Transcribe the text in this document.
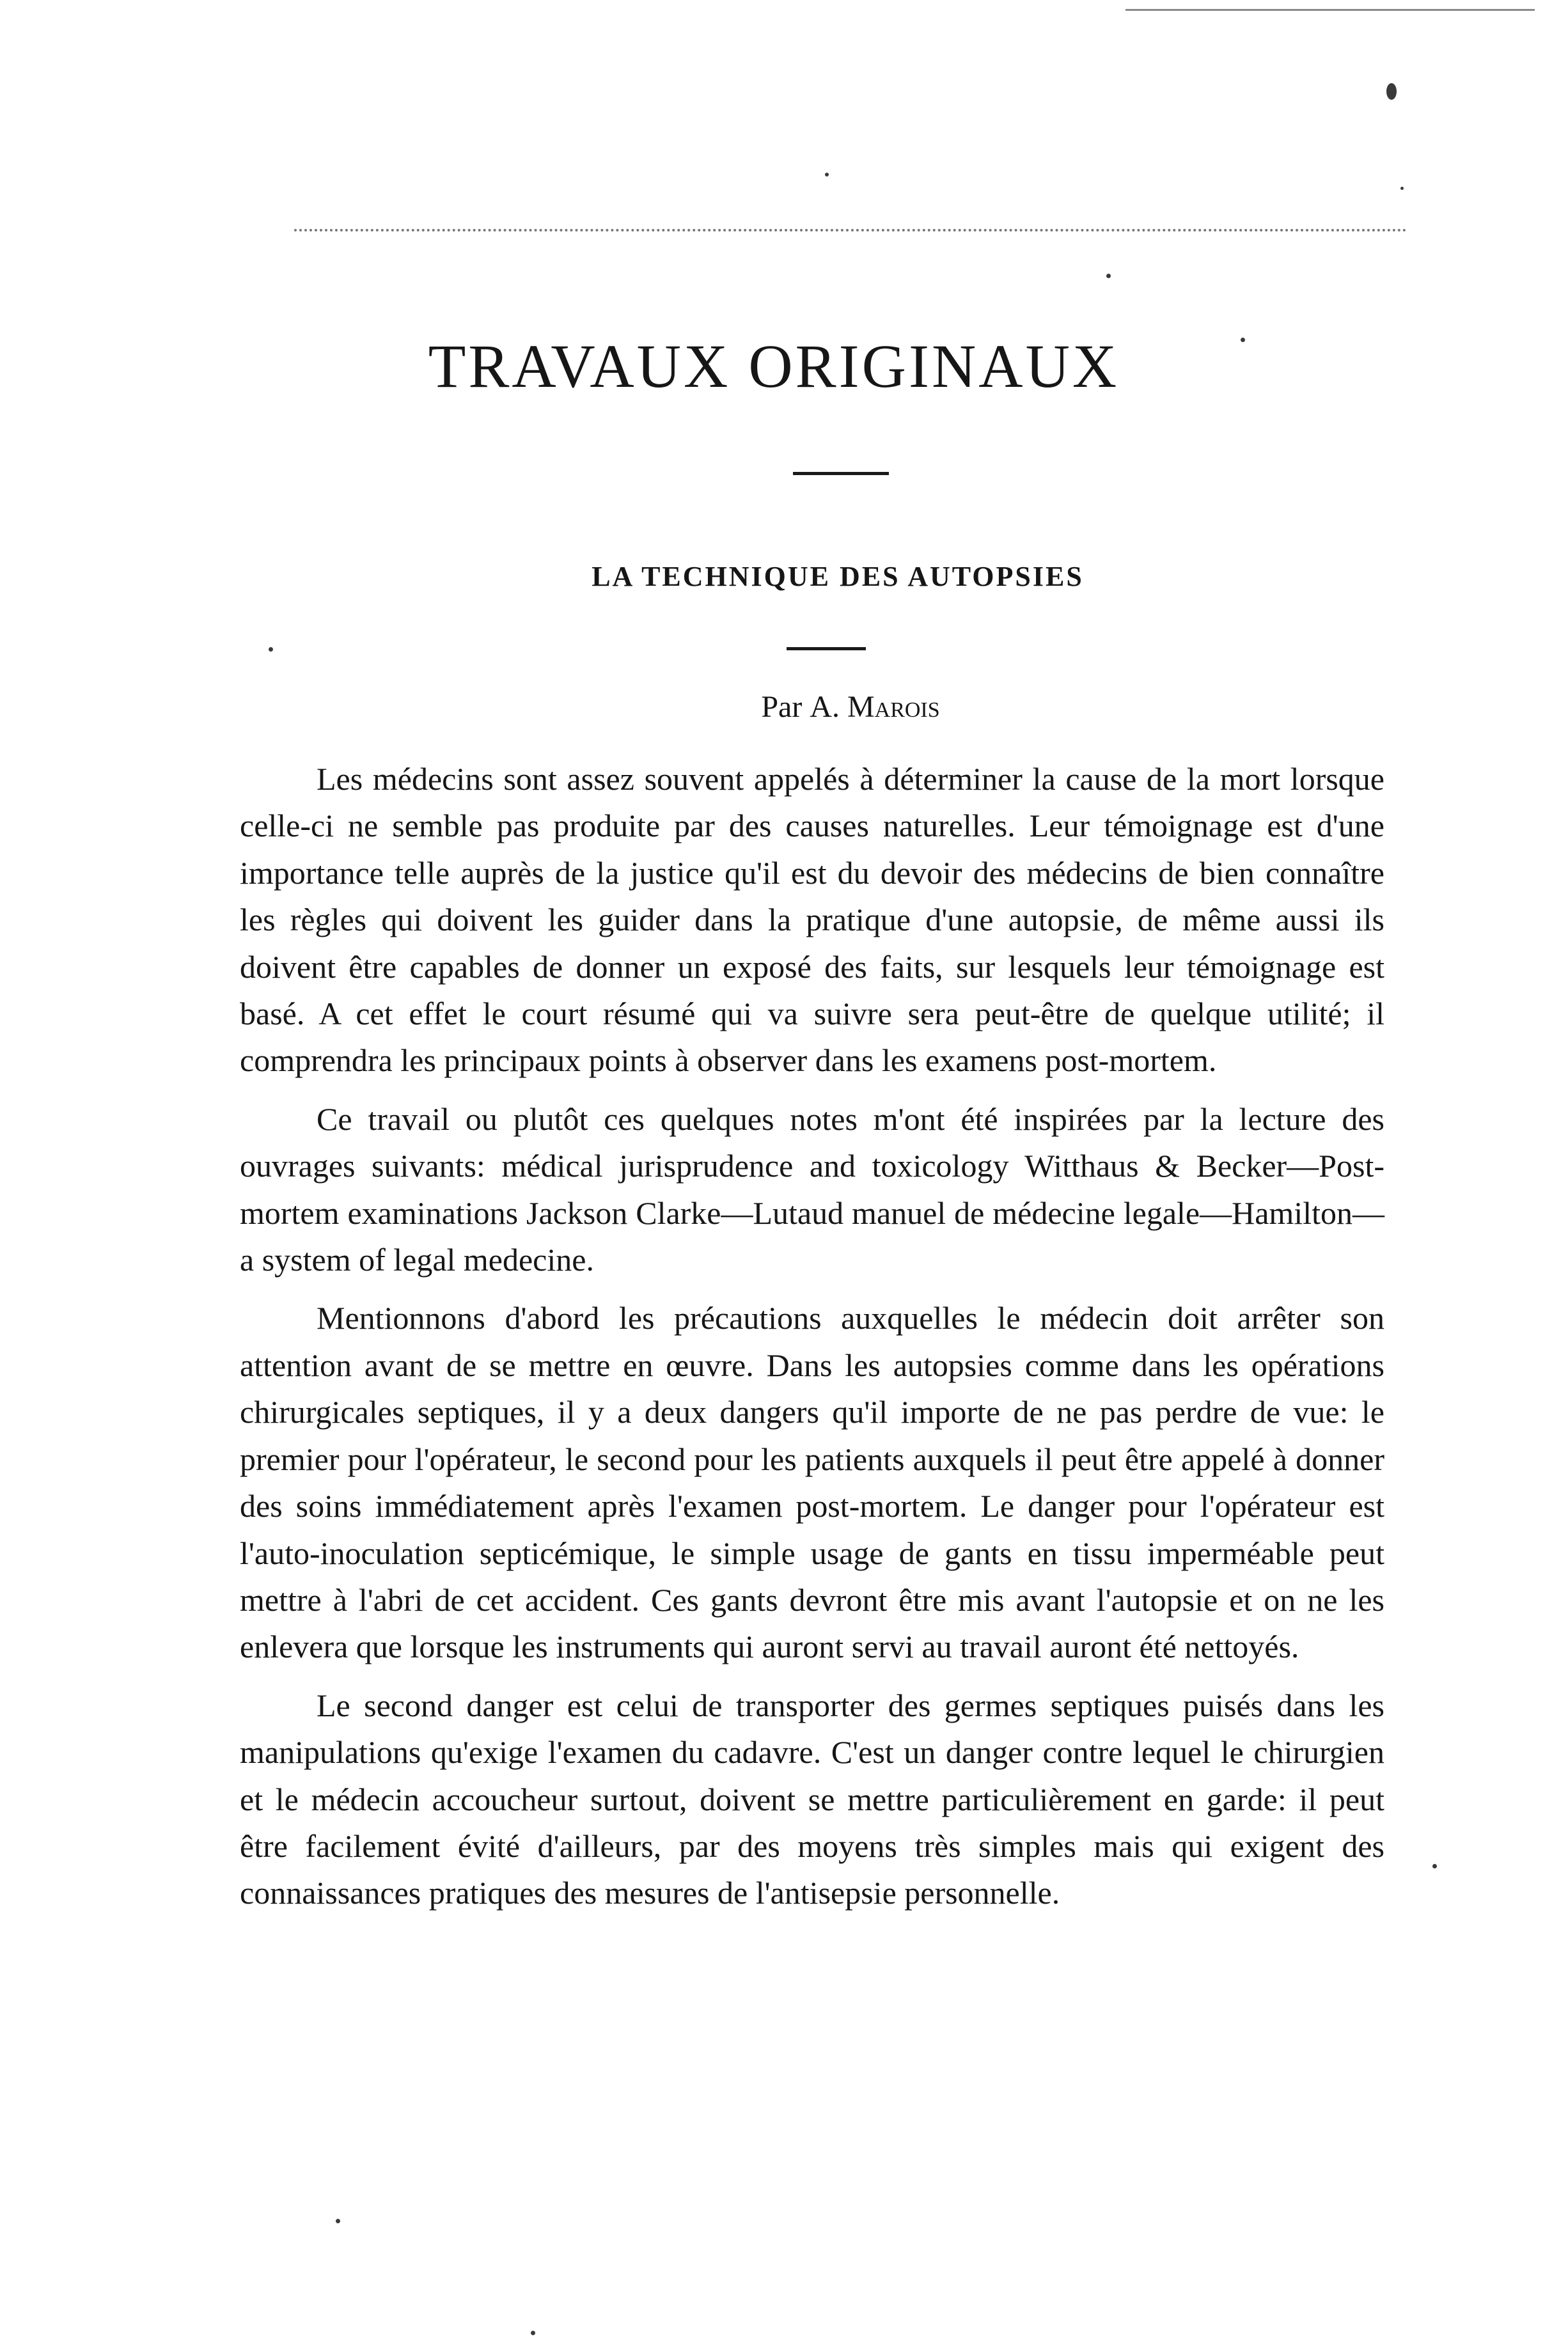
TRAVAUX ORIGINAUX
LA TECHNIQUE DES AUTOPSIES
Par A. Marois

Les médecins sont assez souvent appelés à déterminer la cause de la mort lorsque celle-ci ne semble pas produite par des causes naturelles. Leur témoignage est d'une importance telle auprès de la justice qu'il est du devoir des médecins de bien connaître les règles qui doivent les guider dans la pratique d'une autopsie, de même aussi ils doivent être capables de donner un exposé des faits, sur lesquels leur témoignage est basé. A cet effet le court résumé qui va suivre sera peut-être de quelque utilité; il comprendra les principaux points à observer dans les examens post-mortem.

Ce travail ou plutôt ces quelques notes m'ont été inspirées par la lecture des ouvrages suivants: médical jurisprudence and toxicology Witthaus & Becker—Post-mortem examinations Jackson Clarke—Lutaud manuel de médecine legale—Hamilton—a system of legal medecine.

Mentionnons d'abord les précautions auxquelles le médecin doit arrêter son attention avant de se mettre en œuvre. Dans les autopsies comme dans les opérations chirurgicales septiques, il y a deux dangers qu'il importe de ne pas perdre de vue: le premier pour l'opérateur, le second pour les patients auxquels il peut être appelé à donner des soins immédiatement après l'examen post-mortem. Le danger pour l'opérateur est l'auto-inoculation septicémique, le simple usage de gants en tissu imperméable peut mettre à l'abri de cet accident. Ces gants devront être mis avant l'autopsie et on ne les enlevera que lorsque les instruments qui auront servi au travail auront été nettoyés.

Le second danger est celui de transporter des germes septiques puisés dans les manipulations qu'exige l'examen du cadavre. C'est un danger contre lequel le chirurgien et le médecin accoucheur surtout, doivent se mettre particulièrement en garde: il peut être facilement évité d'ailleurs, par des moyens très simples mais qui exigent des connaissances pratiques des mesures de l'antisepsie personnelle.
